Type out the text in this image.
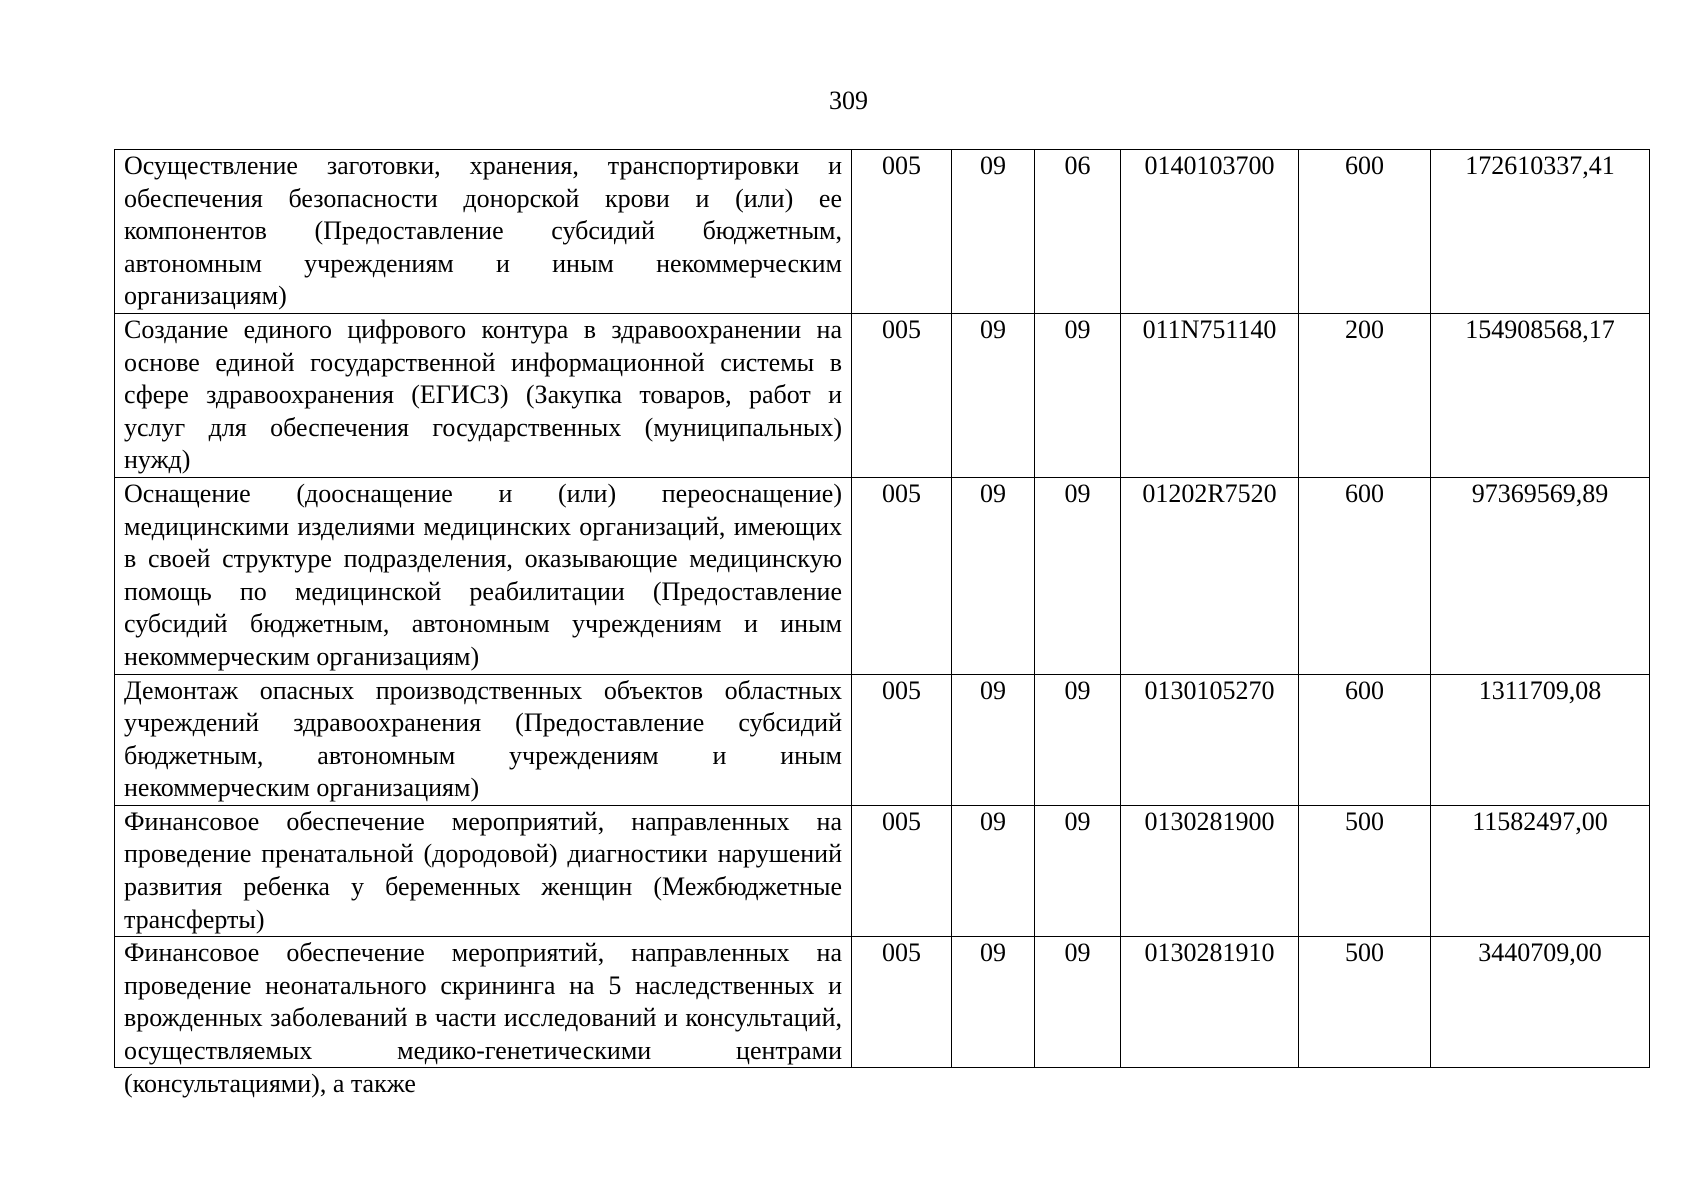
309
Осуществление заготовки, хранения, транспортировки и обеспечения безопасности донорской крови и (или) ее компонентов (Предоставление субсидий бюджетным, автономным учреждениям и иным некоммерческим организациям)	005	09	06	0140103700	600	172610337,41
Создание единого цифрового контура в здравоохранении на основе единой государственной информационной системы в сфере здравоохранения (ЕГИСЗ) (Закупка товаров, работ и услуг для обеспечения государственных (муниципальных) нужд)	005	09	09	011N751140	200	154908568,17
Оснащение (дооснащение и (или) переоснащение) медицинскими изделиями медицинских организаций, имеющих в своей структуре подразделения, оказывающие медицинскую помощь по медицинской реабилитации (Предоставление субсидий бюджетным, автономным учреждениям и иным некоммерческим организациям)	005	09	09	01202R7520	600	97369569,89
Демонтаж опасных производственных объектов областных учреждений здравоохранения (Предоставление субсидий бюджетным, автономным учреждениям и иным некоммерческим организациям)	005	09	09	0130105270	600	1311709,08
Финансовое обеспечение мероприятий, направленных на проведение пренатальной (дородовой) диагностики нарушений развития ребенка у беременных женщин (Межбюджетные трансферты)	005	09	09	0130281900	500	11582497,00

Финансовое обеспечение мероприятий, направленных на проведение неонатального скрининга на 5 наследственных и врожденных заболеваний в части исследований и консультаций, осуществляемых медико-генетическими центрами (консультациями), а также	005	09	09	0130281910	500	3440709,00
